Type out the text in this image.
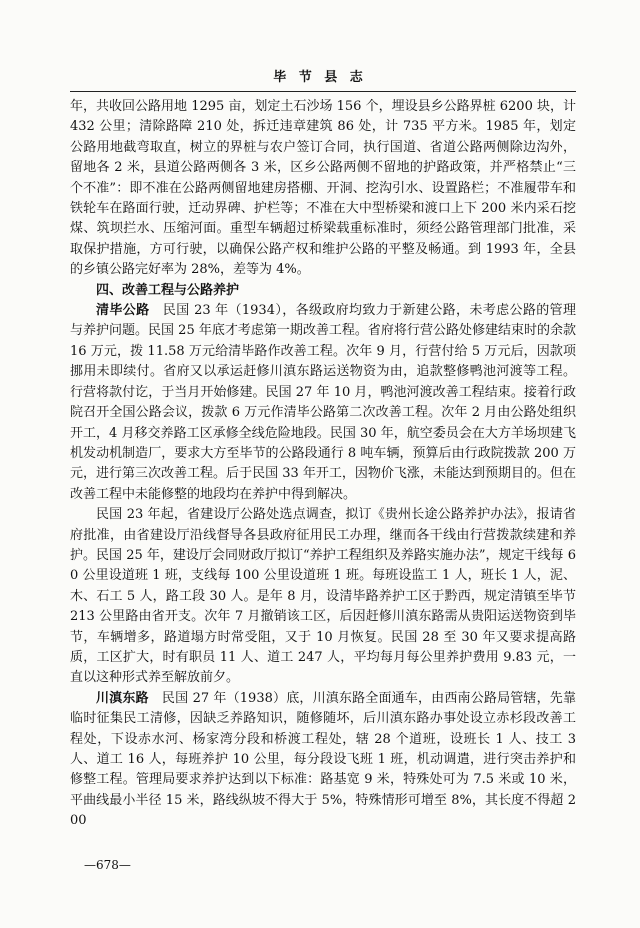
毕 节 县 志

年，共收回公路用地 1295 亩，划定土石沙场 156 个，埋设县乡公路界桩 6200 块，计 432 公里；清除路障 210 处，拆迁违章建筑 86 处，计 735 平方米。1985 年，划定公路用地截弯取直，树立的界桩与农户签订合同，执行国道、省道公路两侧除边沟外，留地各 2 米，县道公路两侧各 3 米，区乡公路两侧不留地的护路政策，并严格禁止“三个不准”：即不准在公路两侧留地建房搭棚、开洞、挖沟引水、设置路栏；不准履带车和铁轮车在路面行驶，迁动界碑、护栏等；不准在大中型桥梁和渡口上下 200 米内采石挖煤、筑坝拦水、压缩河面。重型车辆超过桥梁载重标准时，须经公路管理部门批准，采取保护措施，方可行驶，以确保公路产权和维护公路的平整及畅通。到 1993 年，全县的乡镇公路完好率为 28%，差等为 4%。

四、改善工程与公路养护

清毕公路　民国 23 年（1934），各级政府均致力于新建公路，未考虑公路的管理与养护问题。民国 25 年底才考虑第一期改善工程。省府将行营公路处修建结束时的余款 16 万元，拨 11.58 万元给清毕路作改善工程。次年 9 月，行营付给 5 万元后，因款项挪用未即续付。省府又以承运赶修川滇东路运送物资为由，追款整修鸭池河渡等工程。行营将款付讫，于当月开始修建。民国 27 年 10 月，鸭池河渡改善工程结束。接着行政院召开全国公路会议，拨款 6 万元作清毕公路第二次改善工程。次年 2 月由公路处组织开工，4 月移交养路工区承修全线危险地段。民国 30 年，航空委员会在大方羊场坝建飞机发动机制造厂，要求大方至毕节的公路段通行 8 吨车辆，预算后由行政院拨款 200 万元，进行第三次改善工程。后于民国 33 年开工，因物价飞涨，未能达到预期目的。但在改善工程中未能修整的地段均在养护中得到解决。

民国 23 年起，省建设厅公路处选点调查，拟订《贵州长途公路养护办法》，报请省府批准，由省建设厅沿线督导各县政府征用民工办理，继而各干线由行营拨款续建和养护。民国 25 年，建设厅会同财政厅拟订“养护工程组织及养路实施办法”，规定干线每 60 公里设道班 1 班，支线每 100 公里设道班 1 班。每班设监工 1 人，班长 1 人，泥、木、石工 5 人，路工段 30 人。是年 8 月，设清毕路养护工区于黔西，规定清镇至毕节 213 公里路由省开支。次年 7 月撤销该工区，后因赶修川滇东路需从贵阳运送物资到毕节，车辆增多，路道塌方时常受阻，又于 10 月恢复。民国 28 至 30 年又要求提高路质，工区扩大，时有职员 11 人、道工 247 人，平均每月每公里养护费用 9.83 元，一直以这种形式养至解放前夕。

川滇东路　民国 27 年（1938）底，川滇东路全面通车，由西南公路局管辖，先靠临时征集民工清修，因缺乏养路知识，随修随坏，后川滇东路办事处设立赤杉段改善工程处，下设赤水河、杨家湾分段和桥渡工程处，辖 28 个道班，设班长 1 人、技工 3 人、道工 16 人，每班养护 10 公里，每分段设飞班 1 班，机动调遣，进行突击养护和修整工程。管理局要求养护达到以下标准：路基宽 9 米，特殊处可为 7.5 米或 10 米，平曲线最小半径 15 米，路线纵坡不得大于 5%，特殊情形可增至 8%，其长度不得超 200

—678—
